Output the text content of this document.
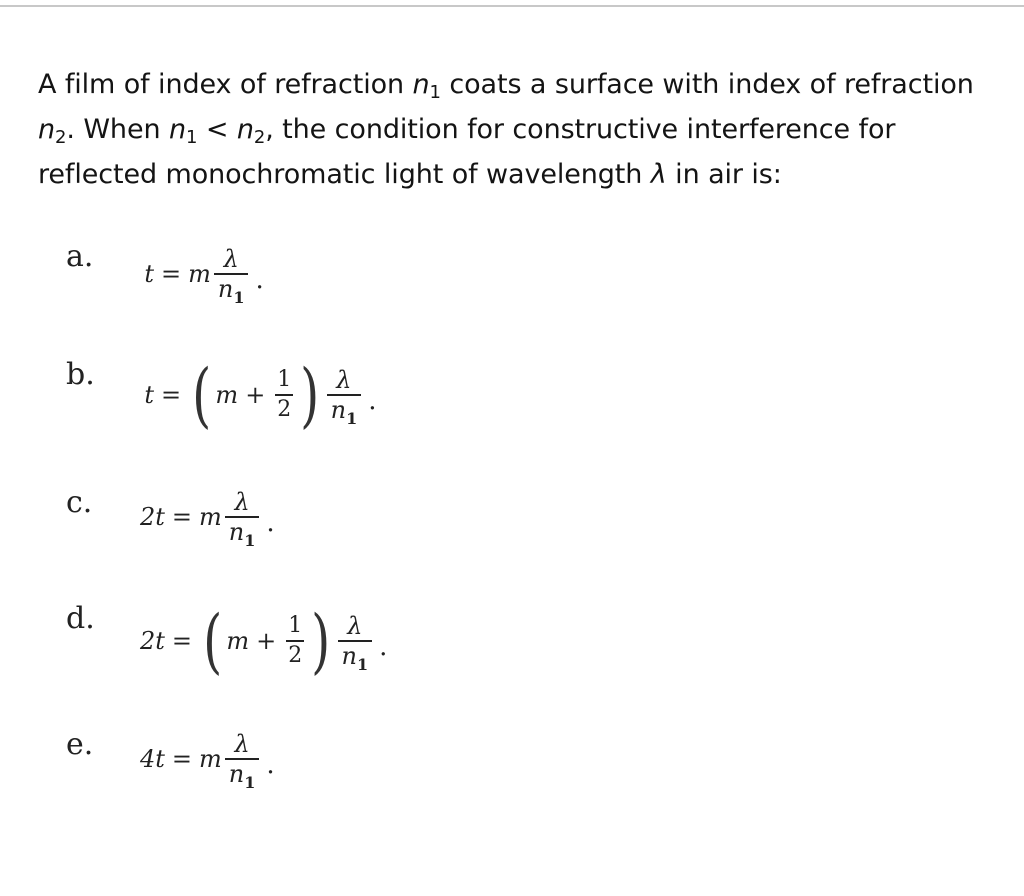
A film of index of refraction $n_1$ coats a surface with index of refraction
$n_2$. When $n_1 < n_2$, the condition for constructive interference for
reflected monochromatic light of wavelength λ in air is:
a. t = m $\frac{\lambda}{n_1}$ .
b.
t = ( $m + \frac{1}{2}$ ) $\frac{\lambda}{n_1}$ .
c. 2t = m $\frac{\lambda}{n_1}$ .
d.
2t = ( $m + \frac{1}{2}$ ) $\frac{\lambda}{n_1}$ .
e. 4t = m $\frac{\lambda}{n_1}$ .
